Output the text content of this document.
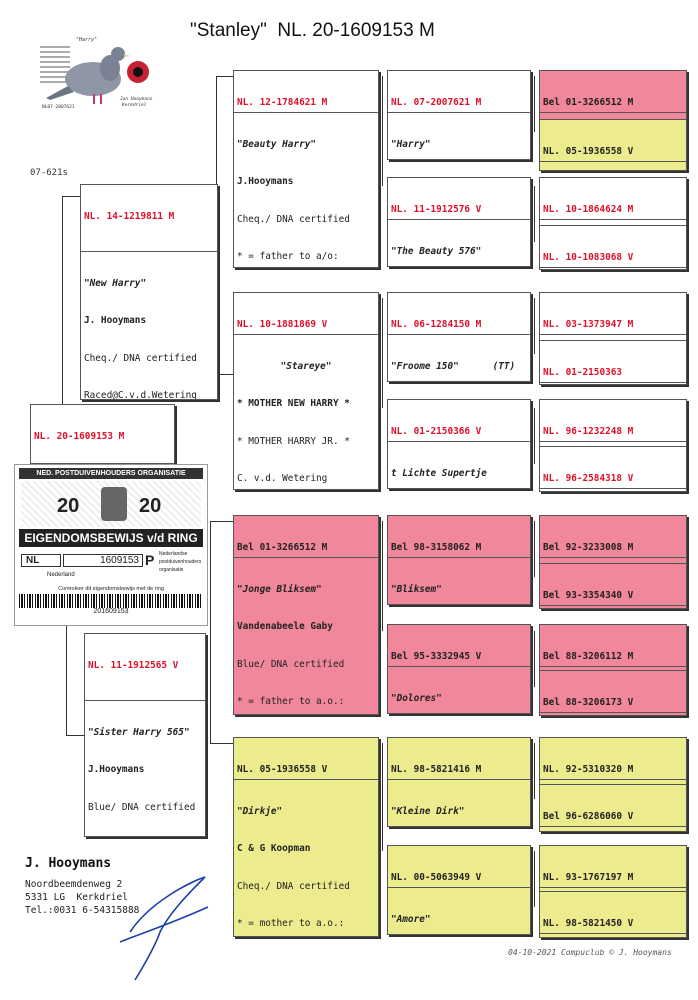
"Stanley"  NL. 20-1609153 M
"Harry"
NL07-2007621
Jan Hooymans
Kerkdriel
07-621s

NL. 14-1219811 M

"New Harry"

J. Hooymans

Cheq./ DNA certified

Raced@C.v.d.Wetering

NL. 20-1609153 M

NED. POSTDUIVENHOUDERS ORGANISATIE
20	20
EIGENDOMSBEWIJS v/d RING
NL	1609153 P Nederlandse
postduivenhouders
organisatie
Nederland
Controleer dit eigendomsbewijs met de ring
201609153

NL. 11-1912565 V

"Sister Harry 565"

J.Hooymans

Blue/ DNA certified

NL. 12-1784621 M

"Beauty Harry"

J.Hooymans

Cheq./ DNA certified

* = father to a/o:

NL. 10-1881869 V

"Stareye"

* MOTHER NEW HARRY *

* MOTHER HARRY JR. *

C. v.d. Wetering

Bel 01-3266512 M

"Jonge Bliksem"

Vandenabeele Gaby

Blue/ DNA certified

* = father to a.o.:

NL. 05-1936558 V

"Dirkje"

C & G Koopman

Cheq./ DNA certified

* = mother to a.o.:

NL. 07-2007621 M

"Harry"

NL. 11-1912576 V

"The Beauty 576"

NL. 06-1284150 M

"Froome 150"      (TT)

NL. 01-2150366 V

t Lichte Supertje

Bel 98-3158062 M

"Bliksem"

Bel 95-3332945 V

"Dolores"

NL. 98-5821416 M

"Kleine Dirk"

NL. 00-5063949 V

"Amore"

Bel 01-3266512 M

NL. 05-1936558 V

NL. 10-1864624 M

NL. 10-1083068 V

NL. 03-1373947 M

NL. 01-2150363

NL. 96-1232248 M

NL. 96-2584318 V

Bel 92-3233008 M

Bel 93-3354340 V

Bel 88-3206112 M

Bel 88-3206173 V

NL. 92-5310320 M

Bel 96-6286060 V

NL. 93-1767197 M

NL. 98-5821450 V

J. Hooymans
Noordbeemdenweg 2
5331 LG  Kerkdriel
Tel.:0031 6-54315888
04-10-2021 Compuclub © J. Hooymans
